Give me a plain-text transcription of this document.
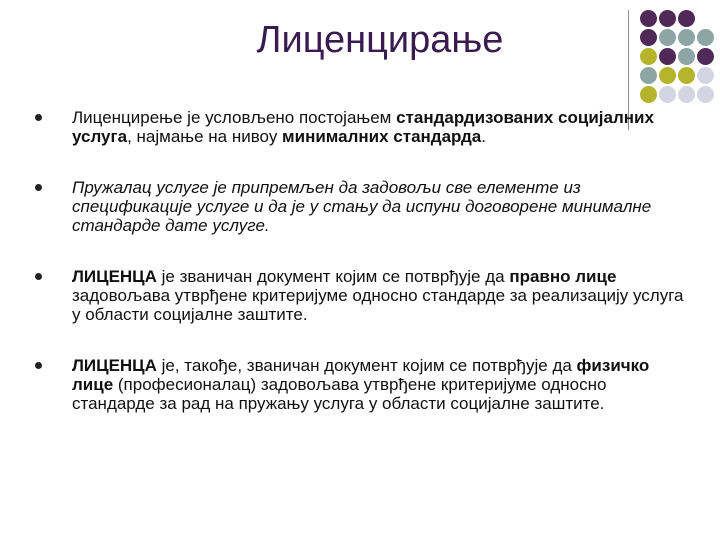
Лиценцирање
Лиценцирење је условљено постојањем стандардизованих социјалних услуга, најмање на нивоу минималних стандарда.
Пружалац услуге је припремљен да задовољи све елементе из спецификације услуге и да је у стању да испуни договорене минималне стандарде дате услуге.
ЛИЦЕНЦА је званичан документ којим се потврђује да правно лице задовољава утврђене критеријуме односно стандарде за реализацију услуга у области социјалне заштите.
ЛИЦЕНЦА је, такође, званичан документ којим се потврђује да физичко лице (професионалац) задовољава утврђене критеријуме односно стандарде за рад на пружању услуга у области социјалне заштите.
